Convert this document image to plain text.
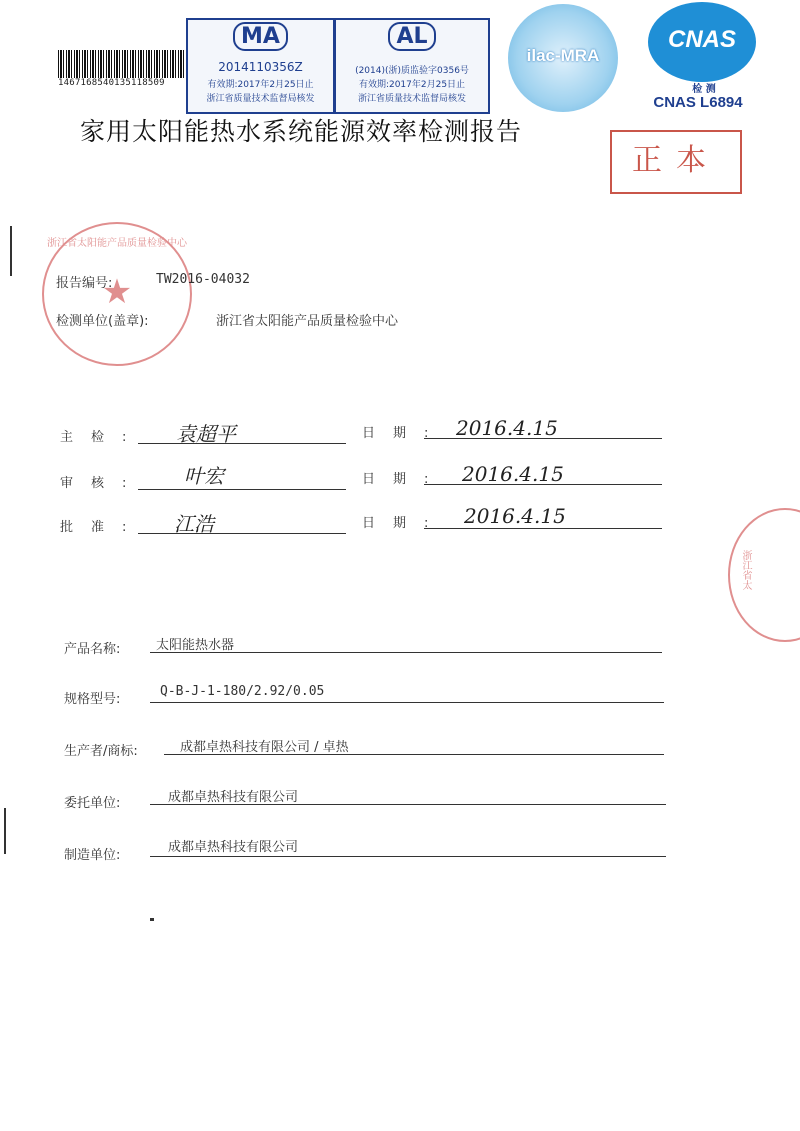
1467168540135118509
MA
2014110356Z
有效期:2017年2月25日止
浙江省质量技术监督局核发
AL
(2014)(浙)质监验字0356号
有效期:2017年2月25日止
浙江省质量技术监督局核发
ilac-MRA
CNAS
检 测
CNAS L6894
家用太阳能热水系统能源效率检测报告
正本
浙江省太阳能产品质量检验中心
★
浙江省太
报告编号:	TW2016-04032
检测单位(盖章):	浙江省太阳能产品质量检验中心
主检: 袁超平	日期: 2016.4.15
审核: 叶宏	日期: 2016.4.15
批准: 江浩	日期: 2016.4.15
产品名称:	太阳能热水器
规格型号:
Q-B-J-1-180/2.92/0.05
生产者/商标:	成都卓热科技有限公司 / 卓热
委托单位:	成都卓热科技有限公司
制造单位:
成都卓热科技有限公司
